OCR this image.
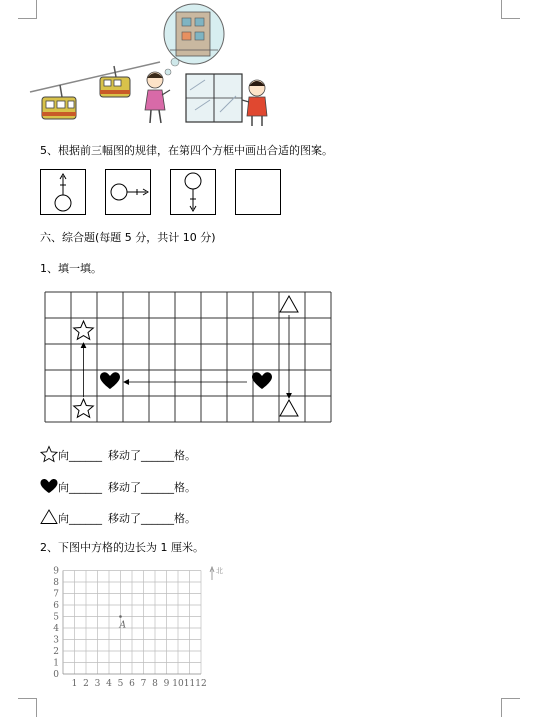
5、根据前三幅图的规律，在第四个方框中画出合适的图案。
六、综合题(每题 5 分，共计 10 分)
1、填一填。
向______ 移动了______格。
向______ 移动了______格。
向______ 移动了______格。
2、下图中方格的边长为 1 厘米。
9
8
7
6
5
4
3
2
1
0
1 2 3 4 5 6 7 8 9 10 11 12
A
北
